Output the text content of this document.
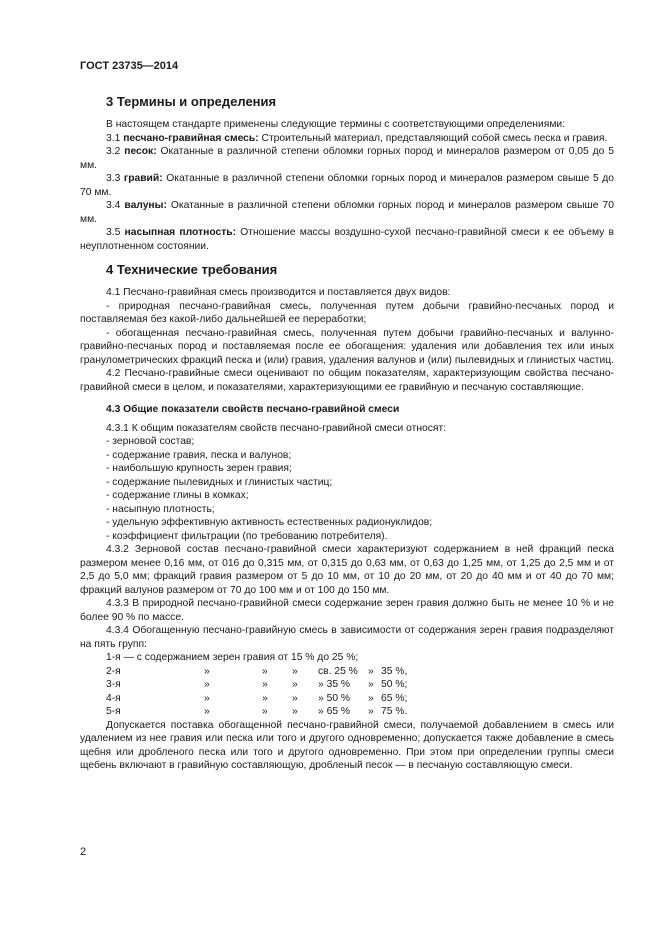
ГОСТ 23735—2014
3 Термины и определения

В настоящем стандарте применены следующие термины с соответствующими определениями:

3.1 песчано-гравийная смесь: Строительный материал, представляющий собой смесь песка и гравия.

3.2 песок: Окатанные в различной степени обломки горных пород и минералов размером от 0,05 до 5 мм.

3.3 гравий: Окатанные в различной степени обломки горных пород и минералов размером свыше 5 до 70 мм.

3.4 валуны: Окатанные в различной степени обломки горных пород и минералов размером свыше 70 мм.

3.5 насыпная плотность: Отношение массы воздушно-сухой песчано-гравийной смеси к ее объему в неуплотненном состоянии.

4 Технические требования

4.1 Песчано-гравийная смесь производится и поставляется двух видов:

- природная песчано-гравийная смесь, полученная путем добычи гравийно-песчаных пород и поставляемая без какой-либо дальнейшей ее переработки;

- обогащенная песчано-гравийная смесь, полученная путем добычи гравийно-песчаных и валунно-гравийно-песчаных пород и поставляемая после ее обогащения: удаления или добавления тех или иных гранулометрических фракций песка и (или) гравия, удаления валунов и (или) пылевидных и глинистых частиц.

4.2 Песчано-гравийные смеси оценивают по общим показателям, характеризующим свойства песчано-гравийной смеси в целом, и показателями, характеризующими ее гравийную и песчаную составляющие.

4.3 Общие показатели свойств песчано-гравийной смеси

4.3.1 К общим показателям свойств песчано-гравийной смеси относят:

- зерновой состав;

- содержание гравия, песка и валунов;

- наибольшую крупность зерен гравия;

- содержание пылевидных и глинистых частиц;

- содержание глины в комках;

- насыпную плотность;

- удельную эффективную активность естественных радионуклидов;

- коэффициент фильтрации (по требованию потребителя).

4.3.2 Зерновой состав песчано-гравийной смеси характеризуют содержанием в ней фракций песка размером менее 0,16 мм, от 016 до 0,315 мм, от 0,315 до 0,63 мм, от 0,63 до 1,25 мм, от 1,25 до 2,5 мм и от 2,5 до 5,0 мм; фракций гравия размером от 5 до 10 мм, от 10 до 20 мм, от 20 до 40 мм и от 40 до 70 мм; фракций валунов размером от 70 до 100 мм и от 100 до 150 мм.

4.3.3 В природной песчано-гравийной смеси содержание зерен гравия должно быть не менее 10 % и не более 90 % по массе.

4.3.4 Обогащенную песчано-гравийную смесь в зависимости от содержания зерен гравия подразделяют на пять групп:

1-я — с содержанием зерен гравия от 15 % до 25 %;

2-я	»	»	»	св. 25 %	»	35 %,
3-я	»	»	»	» 35 %	»	50 %;
4-я	»	»	»	» 50 %	»	65 %;
5-я	»	»	»	» 65 %	»	75 %.

Допускается поставка обогащенной песчано-гравийной смеси, получаемой добавлением в смесь или удалением из нее гравия или песка или того и другого одновременно; допускается также добавление в смесь щебня или дробленого песка или того и другого одновременно. При этом при определении группы смеси щебень включают в гравийную составляющую, дробленый песок — в песчаную составляющую смеси.

2
